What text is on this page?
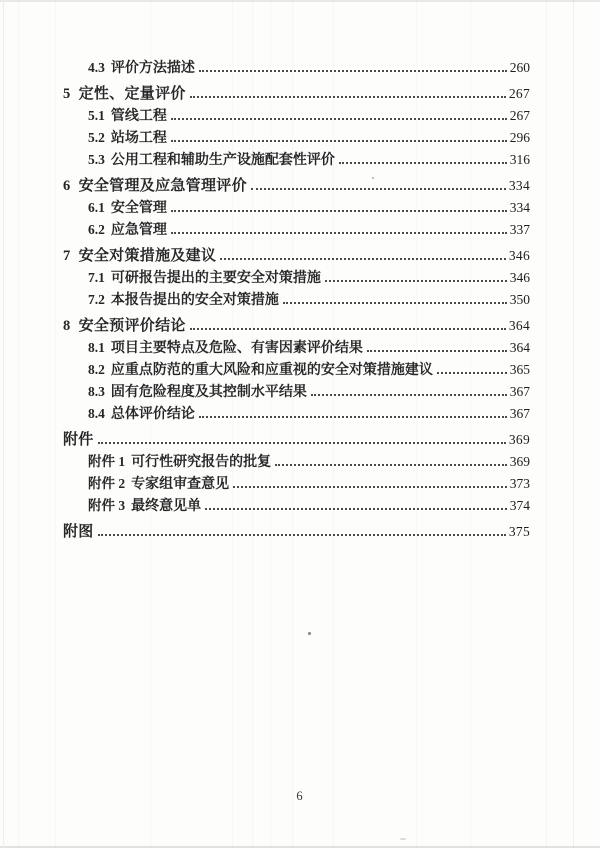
4.3 评价方法描述	260
5 定性、定量评价	267
5.1 管线工程	267
5.2 站场工程	296
5.3 公用工程和辅助生产设施配套性评价	316
6 安全管理及应急管理评价	334
6.1 安全管理	334
6.2 应急管理	337
7 安全对策措施及建议	346
7.1 可研报告提出的主要安全对策措施	346
7.2 本报告提出的安全对策措施	350
8 安全预评价结论	364
8.1 项目主要特点及危险、有害因素评价结果	364
8.2 应重点防范的重大风险和应重视的安全对策措施建议	365
8.3 固有危险程度及其控制水平结果	367
8.4 总体评价结论	367
附件	369
附件 1 可行性研究报告的批复	369
附件 2 专家组审查意见	373
附件 3 最终意见单	374
附图	375
6
